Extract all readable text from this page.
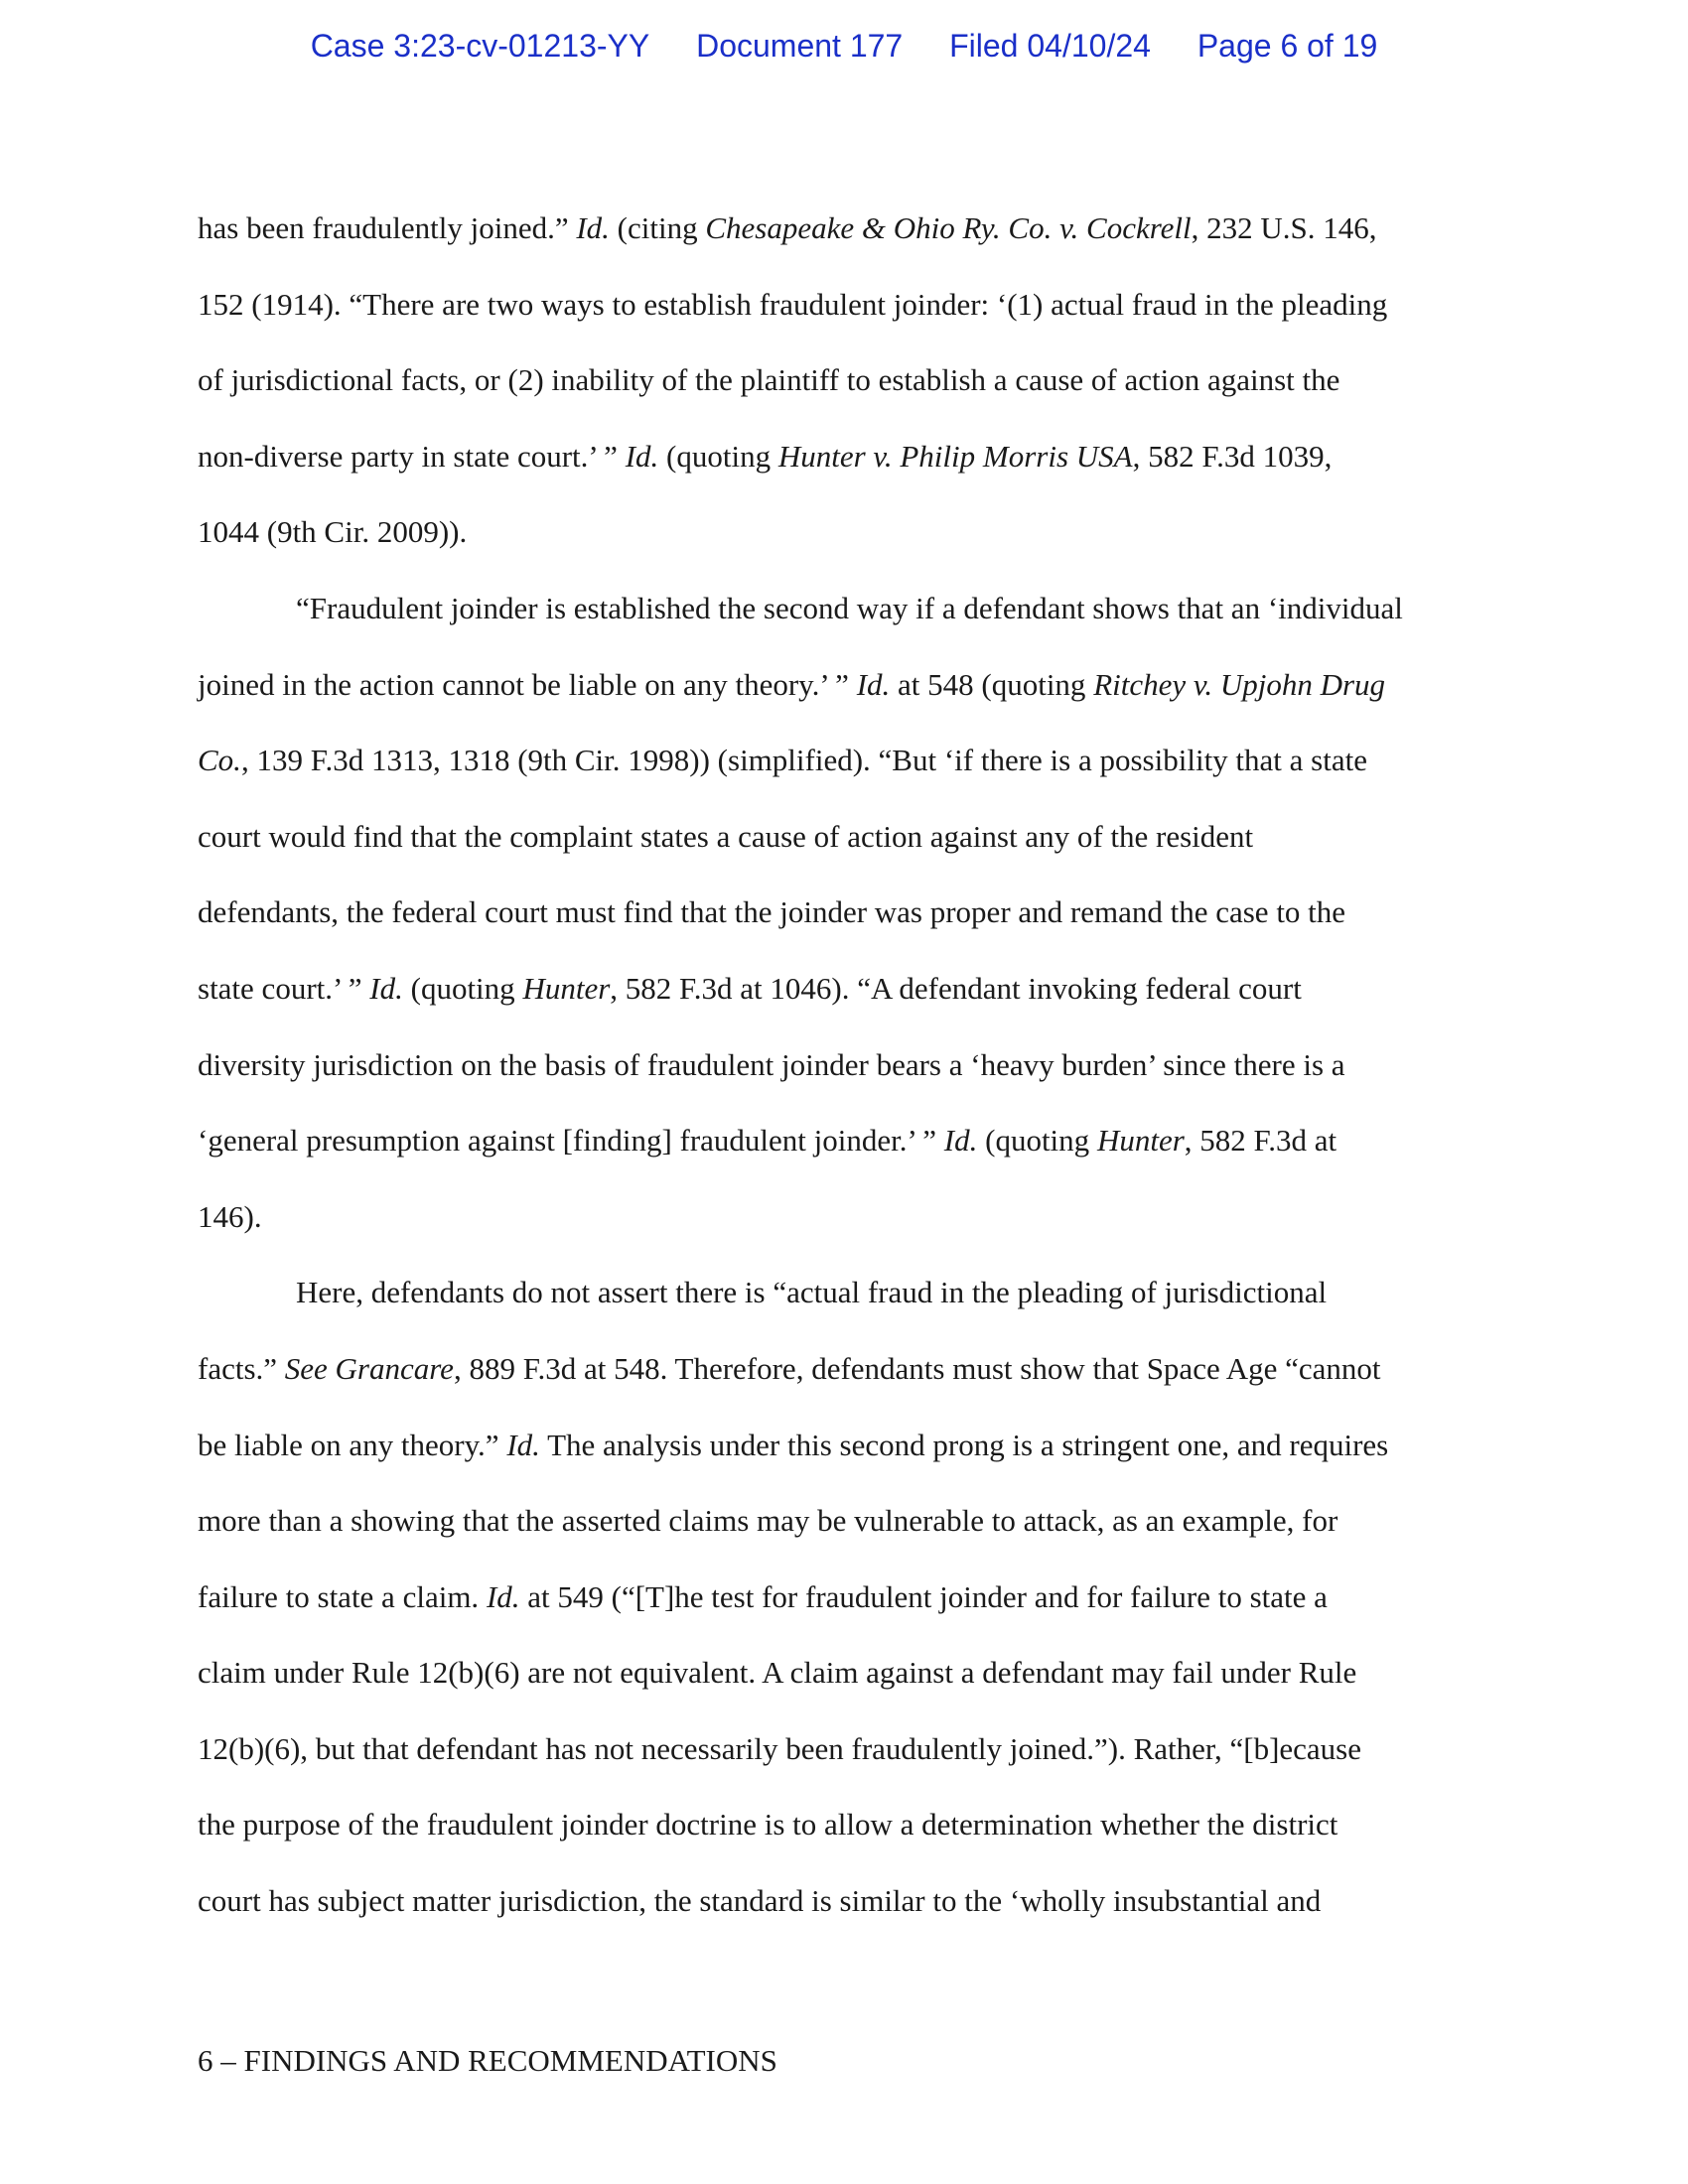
Case 3:23-cv-01213-YY Document 177 Filed 04/10/24 Page 6 of 19
has been fraudulently joined.” Id. (citing Chesapeake & Ohio Ry. Co. v. Cockrell, 232 U.S. 146,
152 (1914). “There are two ways to establish fraudulent joinder: ‘(1) actual fraud in the pleading
of jurisdictional facts, or (2) inability of the plaintiff to establish a cause of action against the
non-diverse party in state court.’ ” Id. (quoting Hunter v. Philip Morris USA, 582 F.3d 1039,
1044 (9th Cir. 2009)).
“Fraudulent joinder is established the second way if a defendant shows that an ‘individual
joined in the action cannot be liable on any theory.’ ” Id. at 548 (quoting Ritchey v. Upjohn Drug
Co., 139 F.3d 1313, 1318 (9th Cir. 1998)) (simplified). “But ‘if there is a possibility that a state
court would find that the complaint states a cause of action against any of the resident
defendants, the federal court must find that the joinder was proper and remand the case to the
state court.’ ” Id. (quoting Hunter, 582 F.3d at 1046). “A defendant invoking federal court
diversity jurisdiction on the basis of fraudulent joinder bears a ‘heavy burden’ since there is a
‘general presumption against [finding] fraudulent joinder.’ ” Id. (quoting Hunter, 582 F.3d at
146).
Here, defendants do not assert there is “actual fraud in the pleading of jurisdictional
facts.” See Grancare, 889 F.3d at 548. Therefore, defendants must show that Space Age “cannot
be liable on any theory.” Id. The analysis under this second prong is a stringent one, and requires
more than a showing that the asserted claims may be vulnerable to attack, as an example, for
failure to state a claim. Id. at 549 (“[T]he test for fraudulent joinder and for failure to state a
claim under Rule 12(b)(6) are not equivalent. A claim against a defendant may fail under Rule
12(b)(6), but that defendant has not necessarily been fraudulently joined.”). Rather, “[b]ecause
the purpose of the fraudulent joinder doctrine is to allow a determination whether the district
court has subject matter jurisdiction, the standard is similar to the ‘wholly insubstantial and
6 – FINDINGS AND RECOMMENDATIONS
